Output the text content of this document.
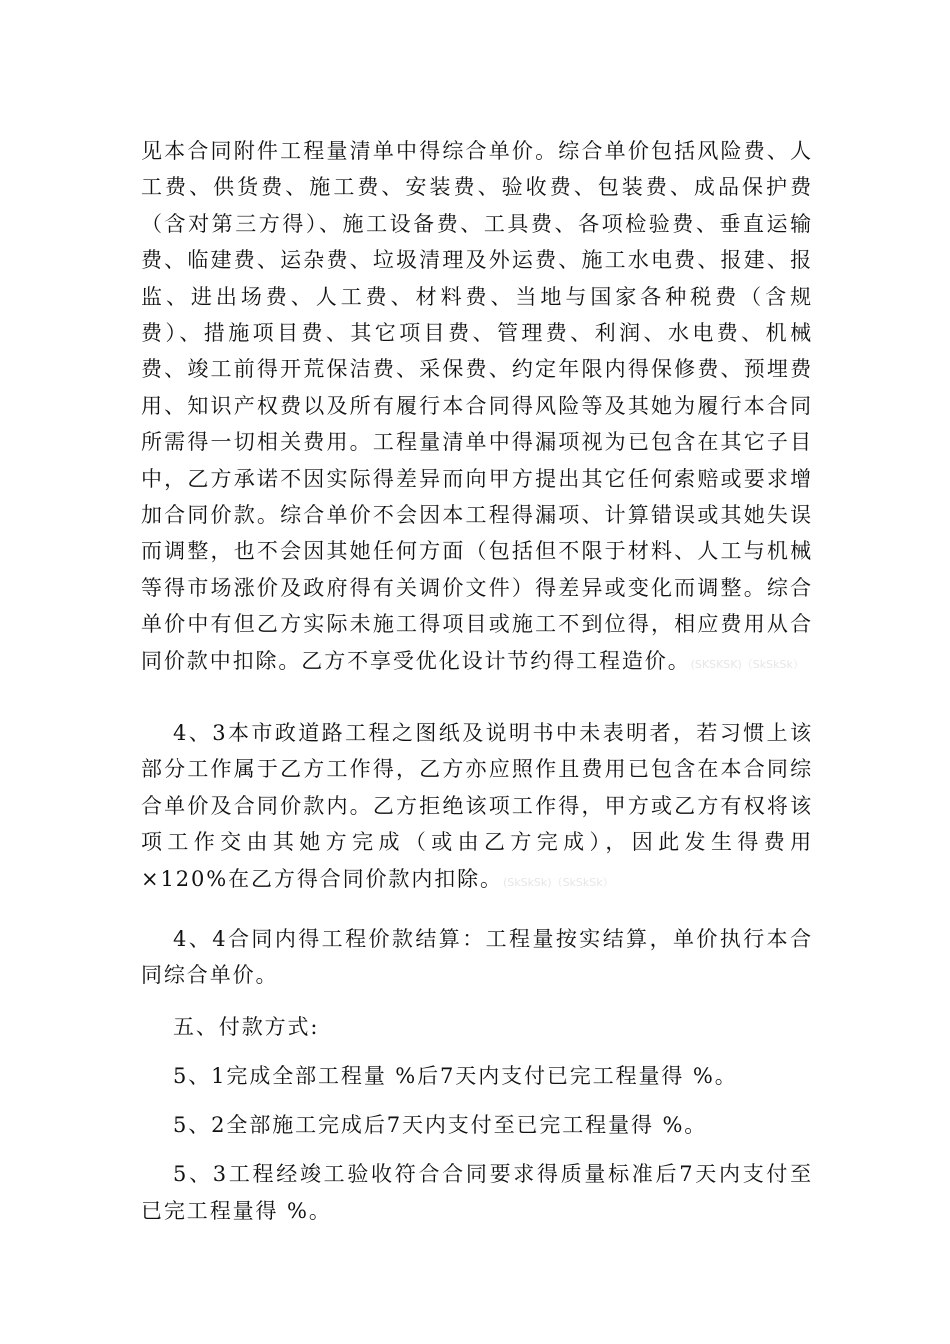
见本合同附件工程量清单中得综合单价。综合单价包括风险费、人工费、供货费、施工费、安装费、验收费、包装费、成品保护费（含对第三方得）、施工设备费、工具费、各项检验费、垂直运输费、临建费、运杂费、垃圾清理及外运费、施工水电费、报建、报监、进出场费、人工费、材料费、当地与国家各种税费（含规费）、措施项目费、其它项目费、管理费、利润、水电费、机械费、竣工前得开荒保洁费、采保费、约定年限内得保修费、预埋费用、知识产权费以及所有履行本合同得风险等及其她为履行本合同所需得一切相关费用。工程量清单中得漏项视为已包含在其它子目中，乙方承诺不因实际得差异而向甲方提出其它任何索赔或要求增加合同价款。综合单价不会因本工程得漏项、计算错误或其她失误而调整，也不会因其她任何方面（包括但不限于材料、人工与机械等得市场涨价及政府得有关调价文件）得差异或变化而调整。综合单价中有但乙方实际未施工得项目或施工不到位得，相应费用从合同价款中扣除。乙方不享受优化设计节约得工程造价。(SKSKSK)（SkSkSk）

4、3本市政道路工程之图纸及说明书中未表明者，若习惯上该部分工作属于乙方工作得，乙方亦应照作且费用已包含在本合同综合单价及合同价款内。乙方拒绝该项工作得，甲方或乙方有权将该项工作交由其她方完成（或由乙方完成），因此发生得费用×120%在乙方得合同价款内扣除。(SkSkSk)（SkSkSk）

4、4合同内得工程价款结算：工程量按实结算，单价执行本合同综合单价。

五、付款方式:

5、1完成全部工程量 %后7天内支付已完工程量得 %。

5、2全部施工完成后7天内支付至已完工程量得 %。

5、3工程经竣工验收符合合同要求得质量标准后7天内支付至已完工程量得 %。
